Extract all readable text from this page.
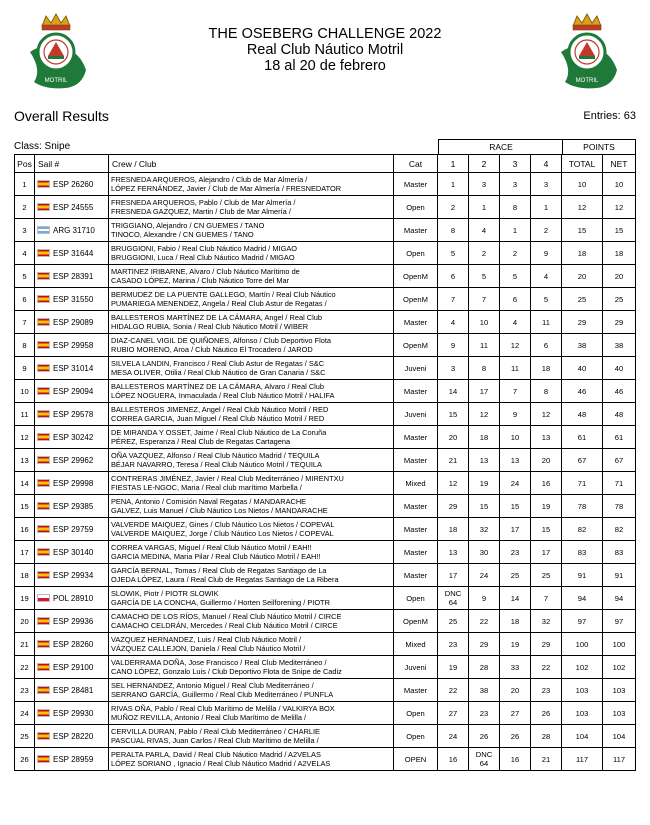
MOTRIL	MOTRIL
THE OSEBERG CHALLENGE 2022
Real Club Náutico Motril
18 al 20 de febrero
Overall Results	Entries: 63
Class: Snipe	RACE	POINTS
Pos	Sail #	Crew / Club	Cat	1	2	3	4	TOTAL	NET
1	ESP 26260	FRESNEDA ARQUEROS, Alejandro / Club de Mar Almería /
LÓPEZ FERNÁNDEZ, Javier / Club de Mar Almería / FRESNEDATOR	Master	1	3	3	3	10	10
2	ESP 24555	FRESNEDA ARQUEROS, Pablo / Club de Mar Almería /
FRESNEDA GAZQUEZ, Martin / Club de Mar Almería /	Open	2	1	8	1	12	12
3	ARG 31710	TRIGGIANO, Alejandro / CN GUEMES / TANO
TINOCO, Alexandre / CN GUEMES / TANO	Master	8	4	1	2	15	15
4	ESP 31644	BRUGGIONI, Fabio / Real Club Náutico Madrid / MIGAO
BRUGGIONI, Luca / Real Club Náutico Madrid / MIGAO	Open	5	2	2	9	18	18
5	ESP 28391	MARTINEZ IRIBARNE, Alvaro / Club Náutico Marítimo de
CASADO LÓPEZ, Marina / Club Náutico Torre del Mar	OpenM	6	5	5	4	20	20
6	ESP 31550	BERMUDEZ DE LA PUENTE GALLEGO, Martín / Real Club Náutico
PUMARIEGA MENENDEZ, Angela / Real Club Astur de Regatas /	OpenM	7	7	6	5	25	25
7	ESP 29089	BALLESTEROS MARTÍNEZ DE LA CÁMARA, Angel / Real Club
HIDALGO RUBIA, Sonia / Real Club Náutico Motril / WIBER	Master	4	10	4	11	29	29
8	ESP 29958	DIAZ-CANEL VIGIL DE QUIÑONES, Alfonso / Club Deportivo Flota
RUBIO MORENO, Aroa / Club Náutico El Trocadero / JAROD	OpenM	9	11	12	6	38	38
9	ESP 31014	SILVELA LANDIN, Francisco / Real Club Astur de Regatas / S&C
MESA OLIVER, Otilia / Real Club Náutico de Gran Canaria / S&C	Juveni	3	8	11	18	40	40
10	ESP 29094	BALLESTEROS MARTÍNEZ DE LA CÁMARA, Alvaro / Real Club
LÓPEZ NOGUERA, Inmaculada / Real Club Náutico Motril / HALIFA	Master	14	17	7	8	46	46
11	ESP 29578	BALLESTEROS JIMENEZ, Angel / Real Club Náutico Motril / RED
CORREA GARCIA, Juan Miguel / Real Club Náutico Motril / RED	Juveni	15	12	9	12	48	48
12	ESP 30242	DE MIRANDA Y OSSET, Jaime / Real Club Náutico de La Coruña
PÉREZ, Esperanza / Real Club de Regatas Cartagena	Master	20	18	10	13	61	61
13	ESP 29962	OÑA VAZQUEZ, Alfonso / Real Club Náutico Madrid / TEQUILA
BÉJAR NAVARRO, Teresa / Real Club Náutico Motril / TEQUILA	Master	21	13	13	20	67	67
14	ESP 29998	CONTRERAS JIMÉNEZ, Javier / Real Club Mediterráneo / MIRENTXU
FIESTAS LE-NGOC, Maria / Real club marítimo Marbella /	Mixed	12	19	24	16	71	71
15	ESP 29385	PENA, Antonio / Comisión Naval Regatas / MANDARACHE
GALVEZ, Luis Manuel / Club Náutico Los Nietos / MANDARACHE	Master	29	15	15	19	78	78
16	ESP 29759	VALVERDE MAIQUEZ, Gines / Club Náutico Los Nietos / COPEVAL
VALVERDE MAIQUEZ, Jorge / Club Náutico Los Nietos / COPEVAL	Master	18	32	17	15	82	82
17	ESP 30140	CORREA VARGAS, Miguel / Real Club Náutico Motril / EAH!!
GARCIA MEDINA, Maria Pilar / Real Club Náutico Motril / EAH!!	Master	13	30	23	17	83	83
18	ESP 29934	GARCÍA BERNAL, Tomas / Real Club de Regatas Santiago de La
OJEDA LÓPEZ, Laura / Real Club de Regatas Santiago de La Ribera	Master	17	24	25	25	91	91
19	POL 28910	SLOWIK, Piotr / PIOTR SLOWIK
GARCÍA DE LA CONCHA, Guillermo / Horten Seilforening / PIOTR	Open	DNC
64	9	14	7	94	94
20	ESP 29936	CAMACHO DE LOS RÍOS, Manuel / Real Club Náutico Motril / CIRCE
CAMACHO CELDRÁN, Mercedes / Real Club Náutico Motril / CIRCE	OpenM	25	22	18	32	97	97
21	ESP 28260	VAZQUEZ HERNANDEZ, Luis / Real Club Náutico Motril /
VÁZQUEZ CALLEJON, Daniela / Real Club Náutico Motril /	Mixed	23	29	19	29	100	100
22	ESP 29100	VALDERRAMA DOÑA, Jose Francisco / Real Club Mediterráneo /
CANO LÓPEZ, Gonzalo Luis / Club Deportivo Flota de Snipe de Cadiz	Juveni	19	28	33	22	102	102
23	ESP 28481	SEL HERNANDEZ, Antonio Miguel / Real Club Mediterráneo /
SERRANO GARCÍA, Guillermo / Real Club Mediterráneo / PUNFLA	Master	22	38	20	23	103	103
24	ESP 29930	RIVAS OÑA, Pablo / Real Club Marítimo de Melilla / VALKIRYA BOX
MUÑOZ REVILLA, Antonio / Real Club Marítimo de Melilla /	Open	27	23	27	26	103	103
25	ESP 28220	CERVILLA DURAN, Pablo / Real Club Mediterráneo / CHARLIE
PASCUAL RIVAS, Juan Carlos / Real Club Marítimo de Melilla /	Open	24	26	26	28	104	104
26	ESP 28959	PERALTA PARLA, David / Real Club Náutico Madrid / A2VELAS
LÓPEZ SORIANO , Ignacio / Real Club Náutico Madrid / A2VELAS	OPEN	16	DNC
64	16	21	117	117
